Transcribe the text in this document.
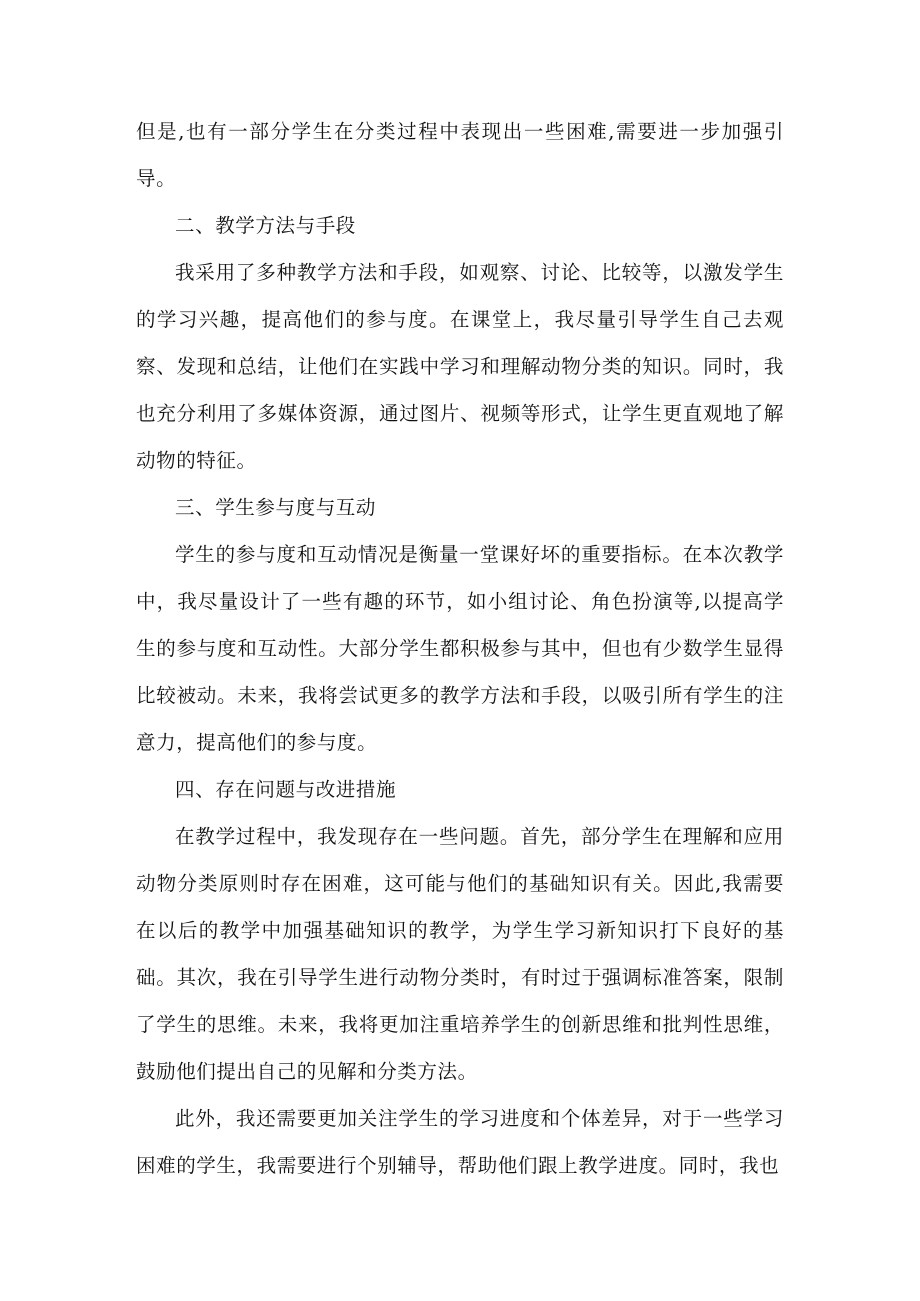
但是,也有一部分学生在分类过程中表现出一些困难,需要进一步加强引导。

二、教学方法与手段

我采用了多种教学方法和手段，如观察、讨论、比较等，以激发学生的学习兴趣，提高他们的参与度。在课堂上，我尽量引导学生自己去观察、发现和总结，让他们在实践中学习和理解动物分类的知识。同时，我也充分利用了多媒体资源，通过图片、视频等形式，让学生更直观地了解动物的特征。

三、学生参与度与互动

学生的参与度和互动情况是衡量一堂课好坏的重要指标。在本次教学中，我尽量设计了一些有趣的环节，如小组讨论、角色扮演等,以提高学生的参与度和互动性。大部分学生都积极参与其中，但也有少数学生显得比较被动。未来，我将尝试更多的教学方法和手段，以吸引所有学生的注意力，提高他们的参与度。

四、存在问题与改进措施

在教学过程中，我发现存在一些问题。首先，部分学生在理解和应用动物分类原则时存在困难，这可能与他们的基础知识有关。因此,我需要在以后的教学中加强基础知识的教学，为学生学习新知识打下良好的基础。其次，我在引导学生进行动物分类时，有时过于强调标准答案，限制了学生的思维。未来，我将更加注重培养学生的创新思维和批判性思维，鼓励他们提出自己的见解和分类方法。

此外，我还需要更加关注学生的学习进度和个体差异，对于一些学习困难的学生，我需要进行个别辅导，帮助他们跟上教学进度。同时，我也
